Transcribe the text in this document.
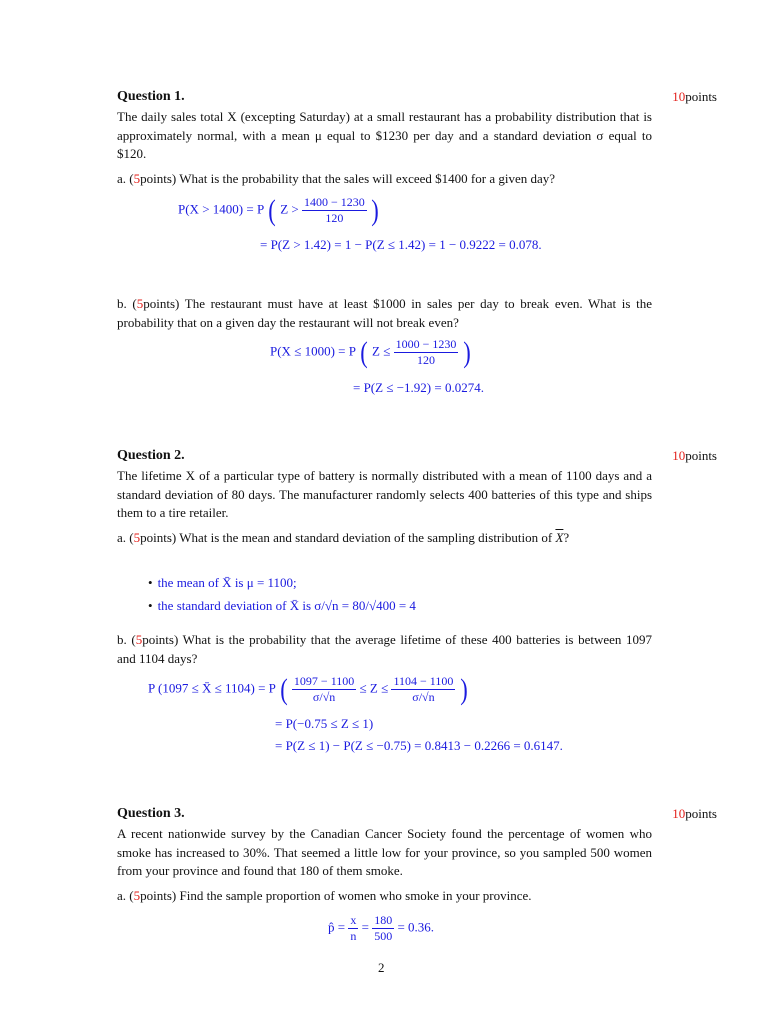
Question 1.	10points
The daily sales total X (excepting Saturday) at a small restaurant has a probability distribution that is approximately normal, with a mean μ equal to $1230 per day and a standard deviation σ equal to $120.
a. (5points) What is the probability that the sales will exceed $1400 for a given day?
P(X > 1400) = P ( $Z > \frac{1400 - 1230}{120}$ )
= P(Z > 1.42) = 1 − P(Z ≤ 1.42) = 1 − 0.9222 = 0.078.
b. (5points) The restaurant must have at least $1000 in sales per day to break even. What is the probability that on a given day the restaurant will not break even?
P(X ≤ 1000) = P ( $Z \le \frac{1000 - 1230}{120}$ )
= P(Z ≤ −1.92) = 0.0274.
Question 2.	10points
The lifetime X of a particular type of battery is normally distributed with a mean of 1100 days and a standard deviation of 80 days. The manufacturer randomly selects 400 batteries of this type and ships them to a tire retailer.
a. (5points) What is the mean and standard deviation of the sampling distribution of $\overline{X}$?
• the mean of X̄ is μ = 1100;
• the standard deviation of X̄ is σ/√n = 80/√400 = 4
b. (5points) What is the probability that the average lifetime of these 400 batteries is between 1097 and 1104 days?
P (1097 ≤ X̄ ≤ 1104) = P ( $\frac{1097 - 1100}{\sigma/√n} \le Z \le \frac{1104 - 1100}{\sigma/√n}$ )
= P(−0.75 ≤ Z ≤ 1)
= P(Z ≤ 1) − P(Z ≤ −0.75) = 0.8413 − 0.2266 = 0.6147.
Question 3.	10points
A recent nationwide survey by the Canadian Cancer Society found the percentage of women who smoke has increased to 30%. That seemed a little low for your province, so you sampled 500 women from your province and found that 180 of them smoke.
a. (5points) Find the sample proportion of women who smoke in your province.
p̂ = $\frac{x}{n} = \frac{180}{500} = 0.36$.
2
